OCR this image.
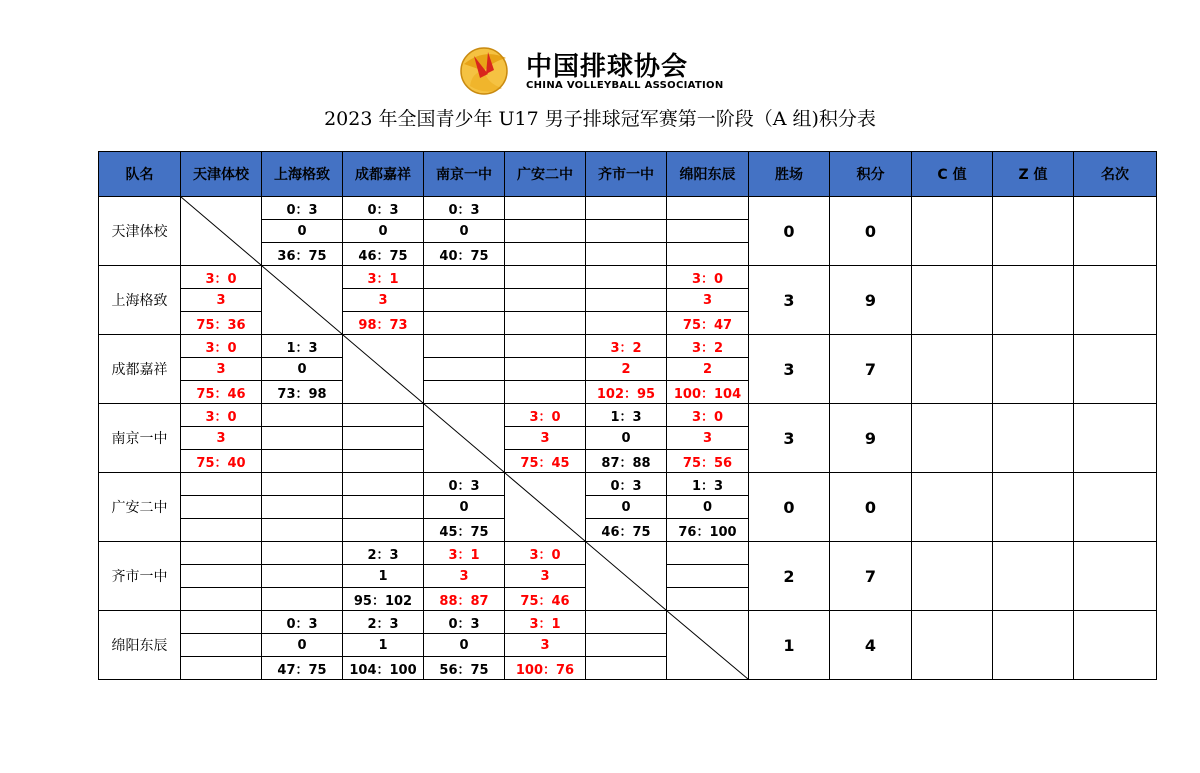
中国排球协会
CHINA VOLLEYBALL ASSOCIATION
2023 年全国青少年 U17 男子排球冠军赛第一阶段（A 组)积分表
队名	天津体校	上海格致	成都嘉祥	南京一中	广安二中	齐市一中	绵阳东辰	胜场	积分	C 值	Z 值	名次
天津体校		0：3	0：3	0：3				0	0			
		0	0	0								
		36：75	46：75	40：75								
上海格致	3：0		3：1				3：0	3	9			
	3		3				3					
	75：36		98：73				75：47					
成都嘉祥	3：0	1：3				3：2	3：2	3	7			
	3	0				2	2					
	75：46	73：98				102：95	100：104					
南京一中	3：0				3：0	1：3	3：0	3	9			
	3				3	0	3					
	75：40				75：45	87：88	75：56					
广安二中				0：3		0：3	1：3	0	0			
				0		0	0					
				45：75		46：75	76：100					
齐市一中			2：3	3：1	3：0			2	7			
			1	3	3							
			95：102	88：87	75：46							
绵阳东辰		0：3	2：3	0：3	3：1			1	4			
		0	1	0	3							
		47：75	104：100	56：75	100：76							
